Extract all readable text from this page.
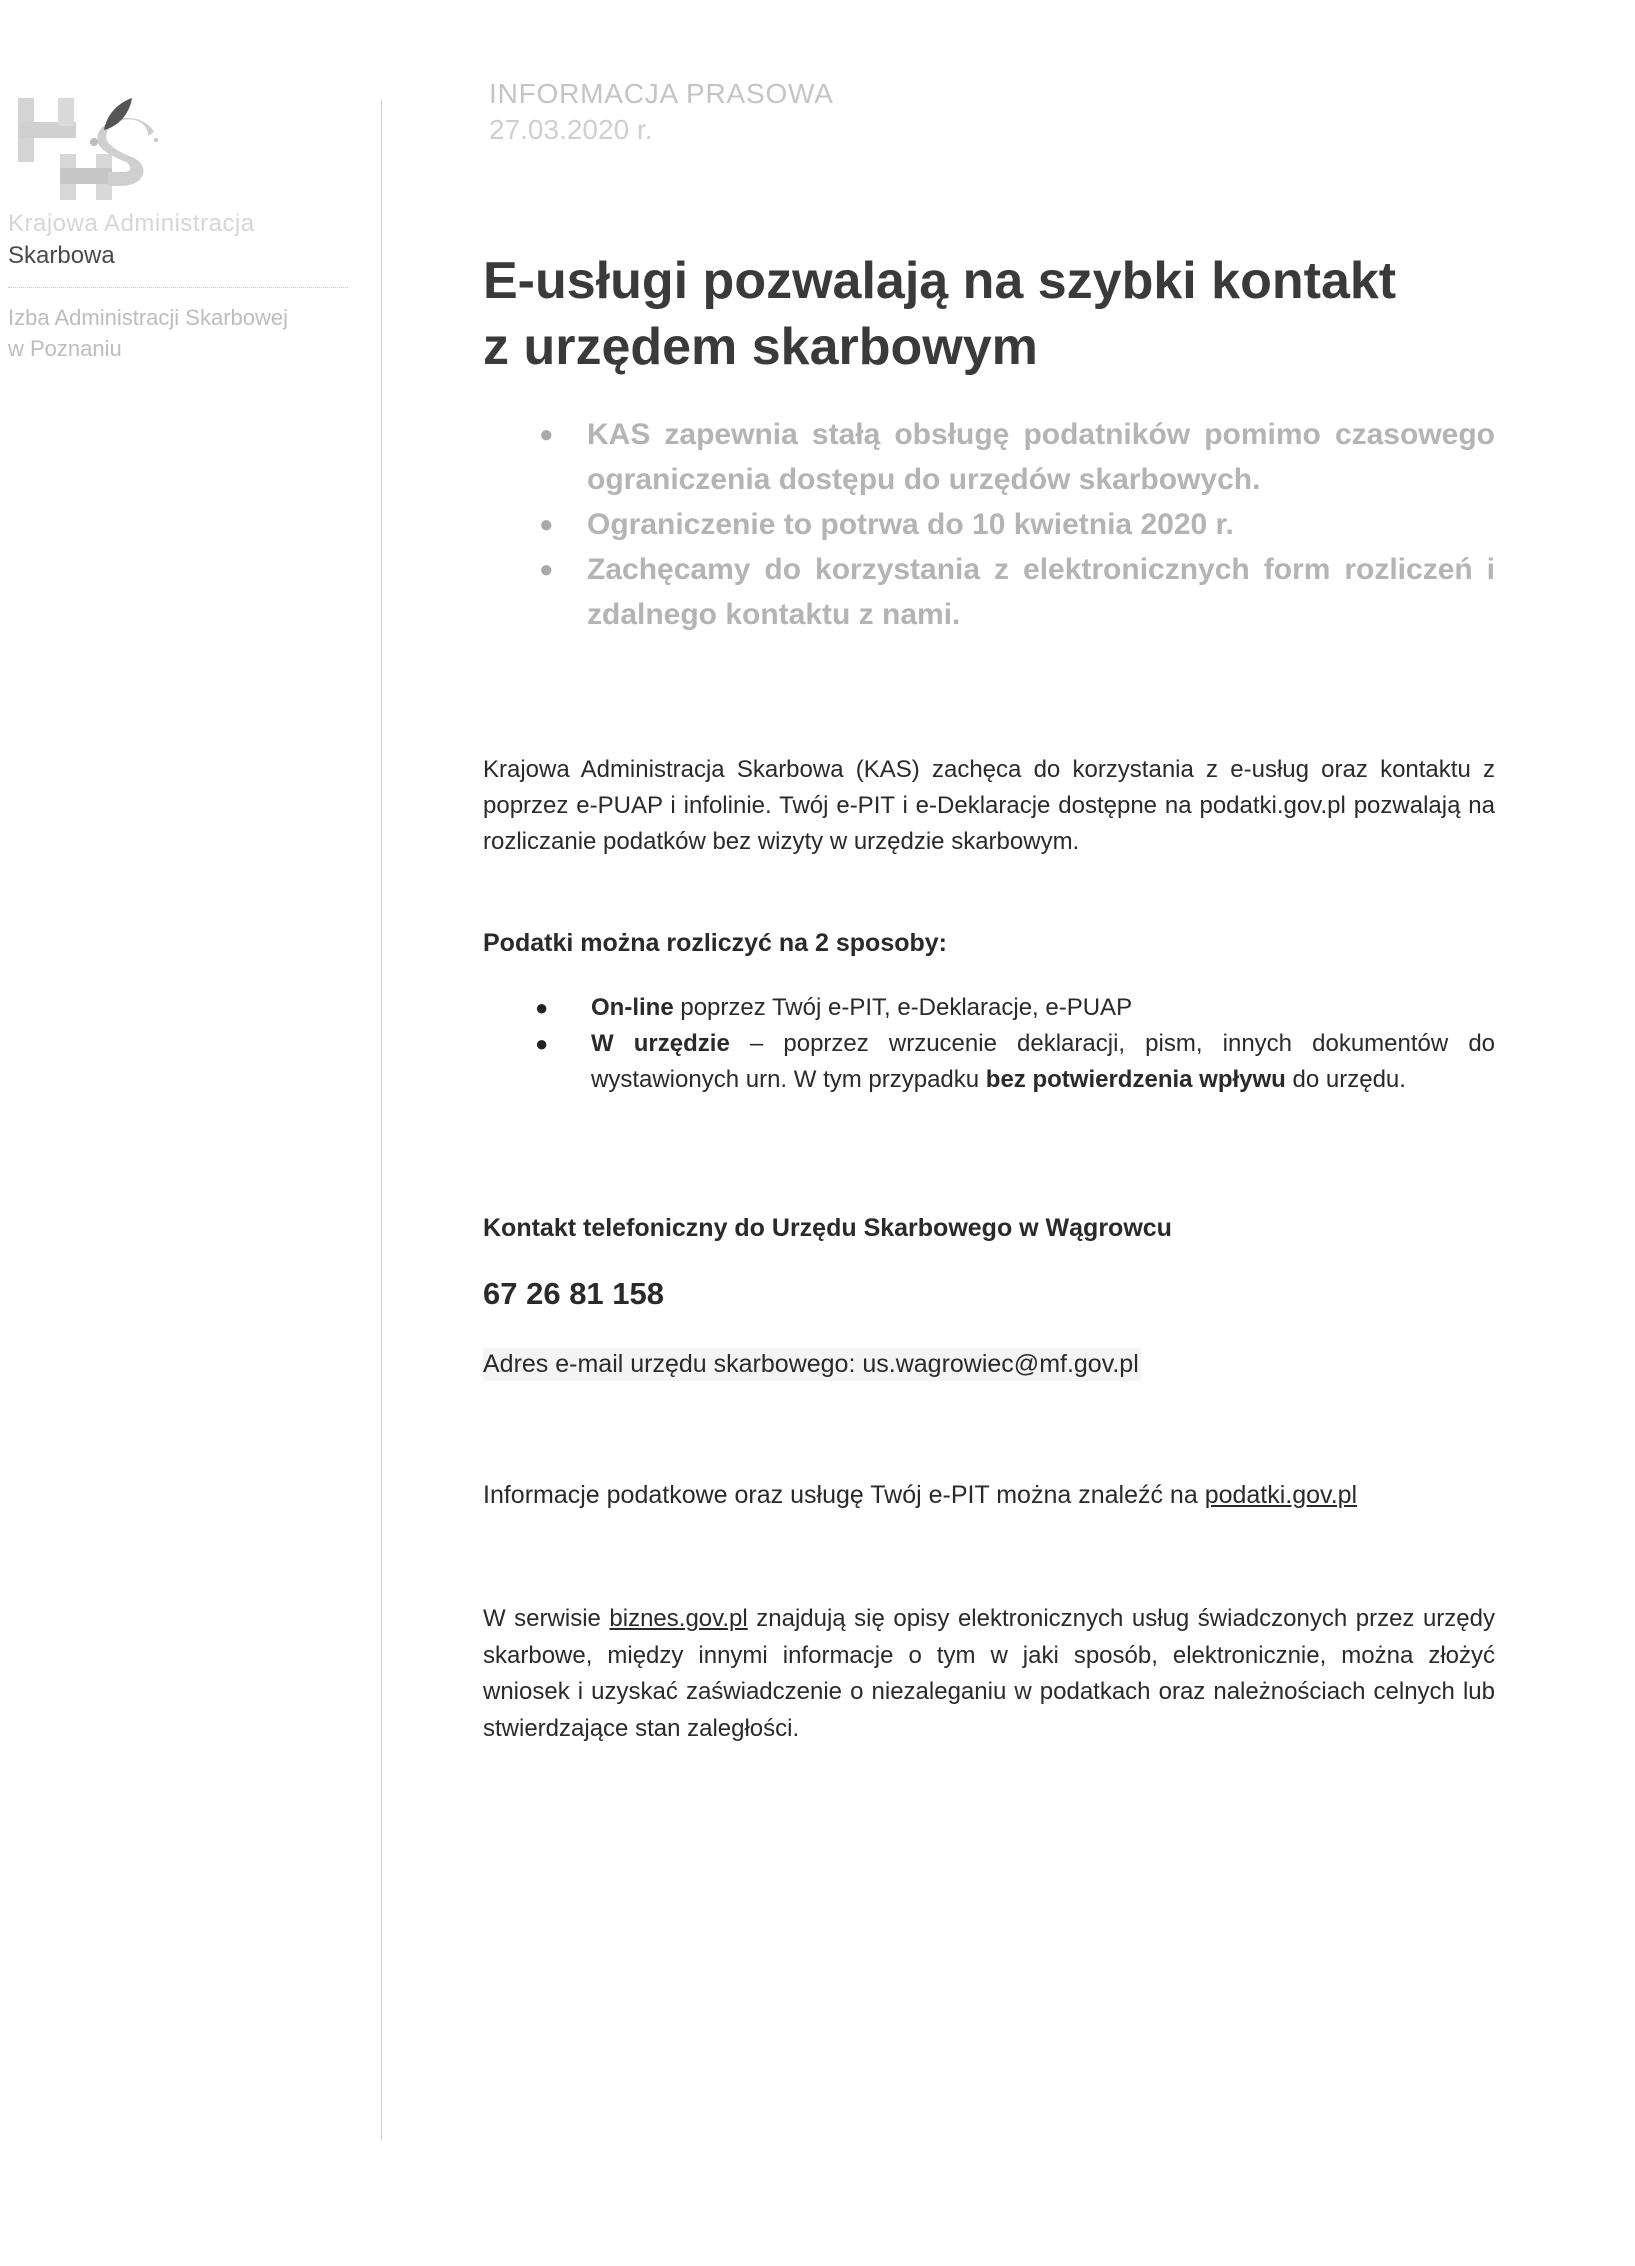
Krajowa Administracja
Skarbowa
Izba Administracji Skarbowej
w Poznaniu
INFORMACJA PRASOWA
27.03.2020 r.
E-usługi pozwalają na szybki kontakt
z urzędem skarbowym
● KAS zapewnia stałą obsługę podatników pomimo czasowego ograniczenia dostępu do urzędów skarbowych.
● Ograniczenie to potrwa do 10 kwietnia 2020 r.
● Zachęcamy do korzystania z elektronicznych form rozliczeń i zdalnego kontaktu z nami.

Krajowa Administracja Skarbowa (KAS) zachęca do korzystania z e-usług oraz kontaktu z poprzez e-PUAP i infolinie. Twój e-PIT i e-Deklaracje dostępne na podatki.gov.pl pozwalają na rozliczanie podatków bez wizyty w urzędzie skarbowym.

Podatki można rozliczyć na 2 sposoby:
● On-line poprzez Twój e-PIT, e-Deklaracje, e-PUAP
● W urzędzie – poprzez wrzucenie deklaracji, pism, innych dokumentów do wystawionych urn. W tym przypadku bez potwierdzenia wpływu do urzędu.
Kontakt telefoniczny do Urzędu Skarbowego w Wągrowcu
67 26 81 158
Adres e-mail urzędu skarbowego: us.wagrowiec@mf.gov.pl
Informacje podatkowe oraz usługę Twój e-PIT można znaleźć na podatki.gov.pl

W serwisie biznes.gov.pl znajdują się opisy elektronicznych usług świadczonych przez urzędy skarbowe, między innymi informacje o tym w jaki sposób, elektronicznie, można złożyć wniosek i uzyskać zaświadczenie o niezaleganiu w podatkach oraz należnościach celnych lub stwierdzające stan zaległości.
